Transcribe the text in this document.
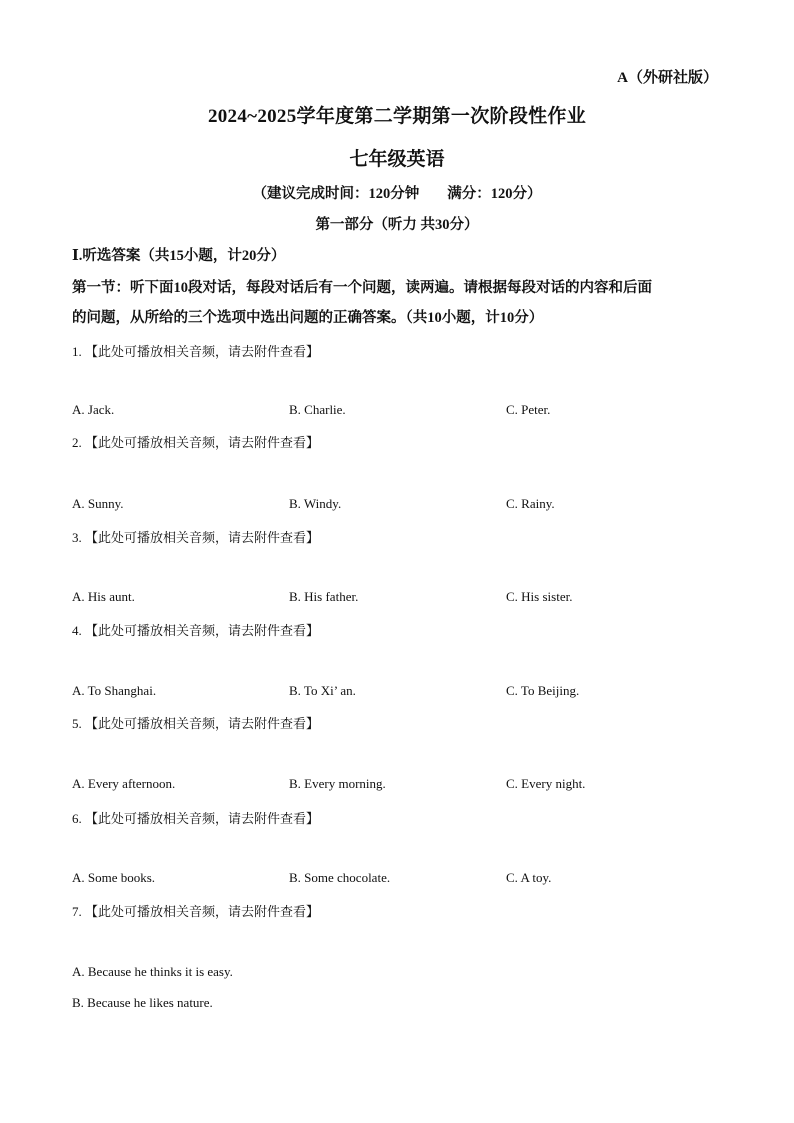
A（外研社版）
2024~2025学年度第二学期第一次阶段性作业
七年级英语
（建议完成时间：120分钟 满分：120分）
第一部分（听力 共30分）
Ⅰ.听选答案（共15小题，计20分）
第一节：听下面10段对话，每段对话后有一个问题，读两遍。请根据每段对话的内容和后面
的问题，从所给的三个选项中选出问题的正确答案。（共10小题，计10分）
1. 【此处可播放相关音频，请去附件查看】
A. Jack.	B. Charlie.	C. Peter.
2. 【此处可播放相关音频，请去附件查看】
A. Sunny.	B. Windy.	C. Rainy.
3. 【此处可播放相关音频，请去附件查看】
A. His aunt.	B. His father.	C. His sister.
4. 【此处可播放相关音频，请去附件查看】
A. To Shanghai.	B. To Xi’ an.	C. To Beijing.
5. 【此处可播放相关音频，请去附件查看】
A. Every afternoon.	B. Every morning.	C. Every night.
6. 【此处可播放相关音频，请去附件查看】
A. Some books.	B. Some chocolate.	C. A toy.
7. 【此处可播放相关音频，请去附件查看】
A. Because he thinks it is easy.
B. Because he likes nature.
